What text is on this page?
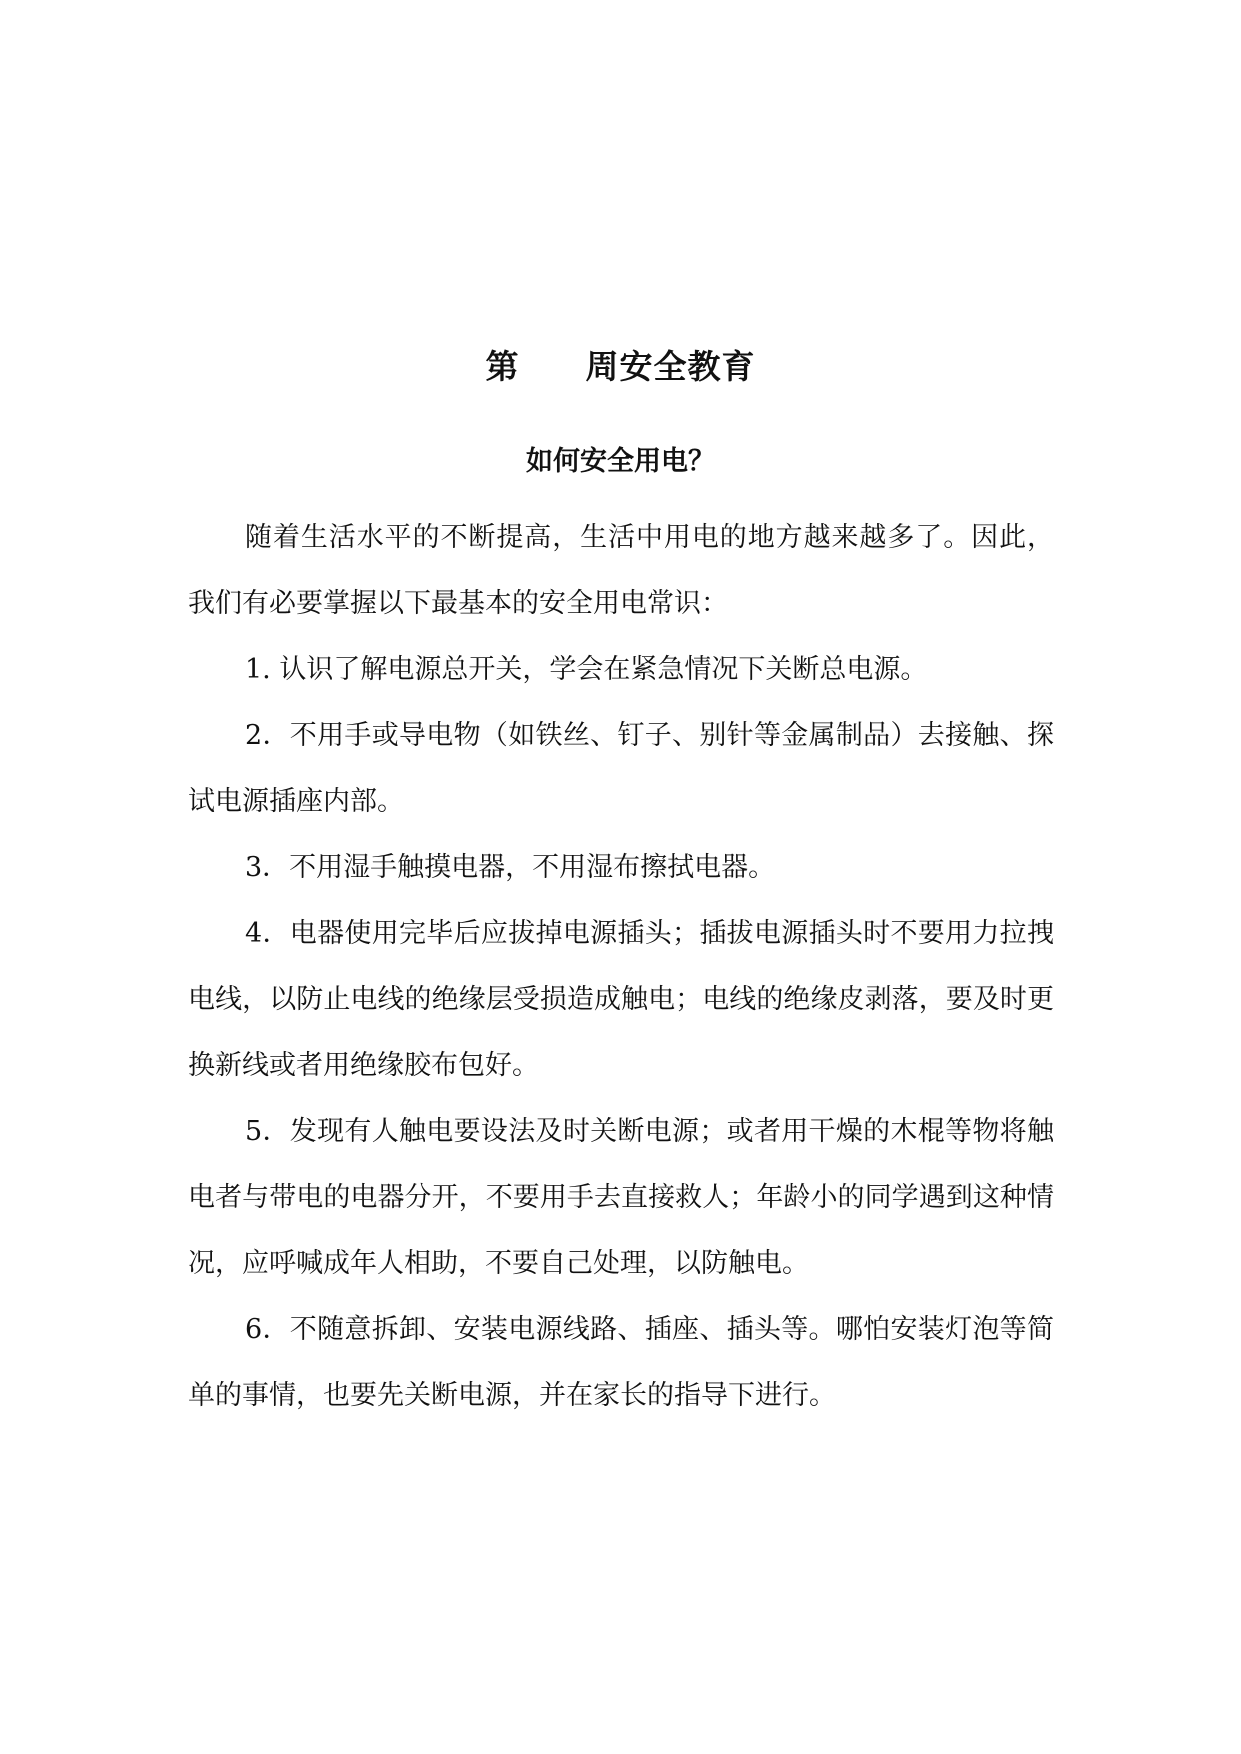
第 周安全教育
如何安全用电？

随着生活水平的不断提高，生活中用电的地方越来越多了。因此，我们有必要掌握以下最基本的安全用电常识：

1. 认识了解电源总开关，学会在紧急情况下关断总电源。

2．不用手或导电物（如铁丝、钉子、别针等金属制品）去接触、探试电源插座内部。

3．不用湿手触摸电器，不用湿布擦拭电器。

4．电器使用完毕后应拔掉电源插头；插拔电源插头时不要用力拉拽电线，以防止电线的绝缘层受损造成触电；电线的绝缘皮剥落，要及时更换新线或者用绝缘胶布包好。

5．发现有人触电要设法及时关断电源；或者用干燥的木棍等物将触电者与带电的电器分开，不要用手去直接救人；年龄小的同学遇到这种情况，应呼喊成年人相助，不要自己处理，以防触电。

6．不随意拆卸、安装电源线路、插座、插头等。哪怕安装灯泡等简单的事情，也要先关断电源，并在家长的指导下进行。
